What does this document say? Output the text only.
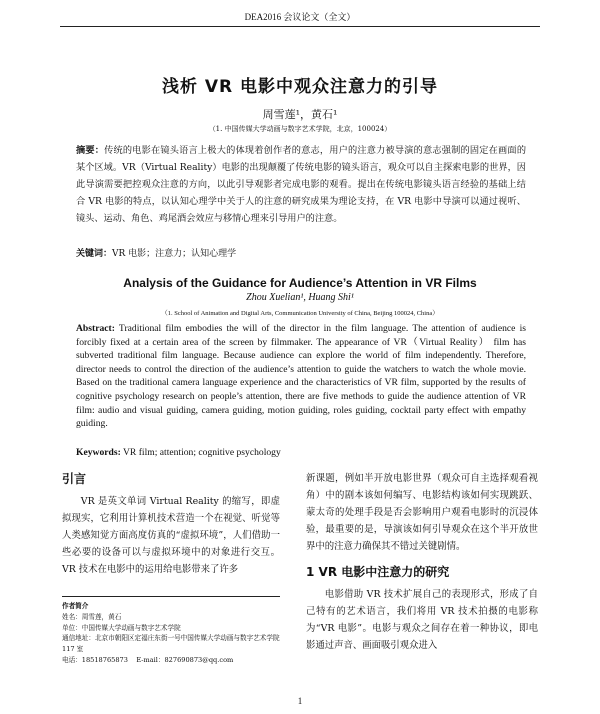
DEA2016 会议论文（全文）
浅析 VR 电影中观众注意力的引导
周雪莲¹，黄石¹
（1. 中国传媒大学动画与数字艺术学院，北京，100024）
摘要：传统的电影在镜头语言上极大的体现着创作者的意志，用户的注意力被导演的意志强制的固定在画面的某个区域。VR（Virtual Reality）电影的出现颠覆了传统电影的镜头语言，观众可以自主探索电影的世界，因此导演需要把控观众注意的方向，以此引导观影者完成电影的观看。提出在传统电影镜头语言经验的基础上结合 VR 电影的特点，以认知心理学中关于人的注意的研究成果为理论支持，在 VR 电影中导演可以通过视听、镜头、运动、角色、鸡尾酒会效应与移情心理来引导用户的注意。
关键词：VR 电影；注意力；认知心理学
Analysis of the Guidance for Audience’s Attention in VR Films
Zhou Xuelian¹, Huang Shi¹
（1. School of Animation and Digital Arts, Communication University of China, Beijing 100024, China）
Abstract: Traditional film embodies the will of the director in the film language. The attention of audience is forcibly fixed at a certain area of the screen by filmmaker. The appearance of VR（Virtual Reality） film has subverted traditional film language. Because audience can explore the world of film independently. Therefore, director needs to control the direction of the audience’s attention to guide the watchers to watch the whole movie. Based on the traditional camera language experience and the characteristics of VR film, supported by the results of cognitive psychology research on people’s attention, there are five methods to guide the audience attention of VR film: audio and visual guiding, camera guiding, motion guiding, roles guiding, cocktail party effect with empathy guiding.
Keywords: VR film; attention; cognitive psychology
引言

VR 是英文单词 Virtual Reality 的缩写，即虚拟现实，它利用计算机技术营造一个在视觉、听觉等人类感知觉方面高度仿真的“虚拟环境”，人们借助一些必要的设备可以与虚拟环境中的对象进行交互。VR 技术在电影中的运用给电影带来了许多

新课题，例如半开放电影世界（观众可自主选择观看视角）中的剧本该如何编写、电影结构该如何实现跳跃、蒙太奇的处理手段是否会影响用户观看电影时的沉浸体验，最重要的是，导演该如何引导观众在这个半开放世界中的注意力确保其不错过关键剧情。

1 VR 电影中注意力的研究

电影借助 VR 技术扩展自己的表现形式，形成了自己特有的艺术语言，我们将用 VR 技术拍摄的电影称为“VR 电影”。电影与观众之间存在着一种协议，即电影通过声音、画面吸引观众进入

作者简介
姓名：周雪莲，黄石
单位：中国传媒大学动画与数字艺术学院
通信地址：北京市朝阳区定福庄东街一号中国传媒大学动画与数字艺术学院 117 室
电话：18518765873 E-mail：827690873@qq.com
1
